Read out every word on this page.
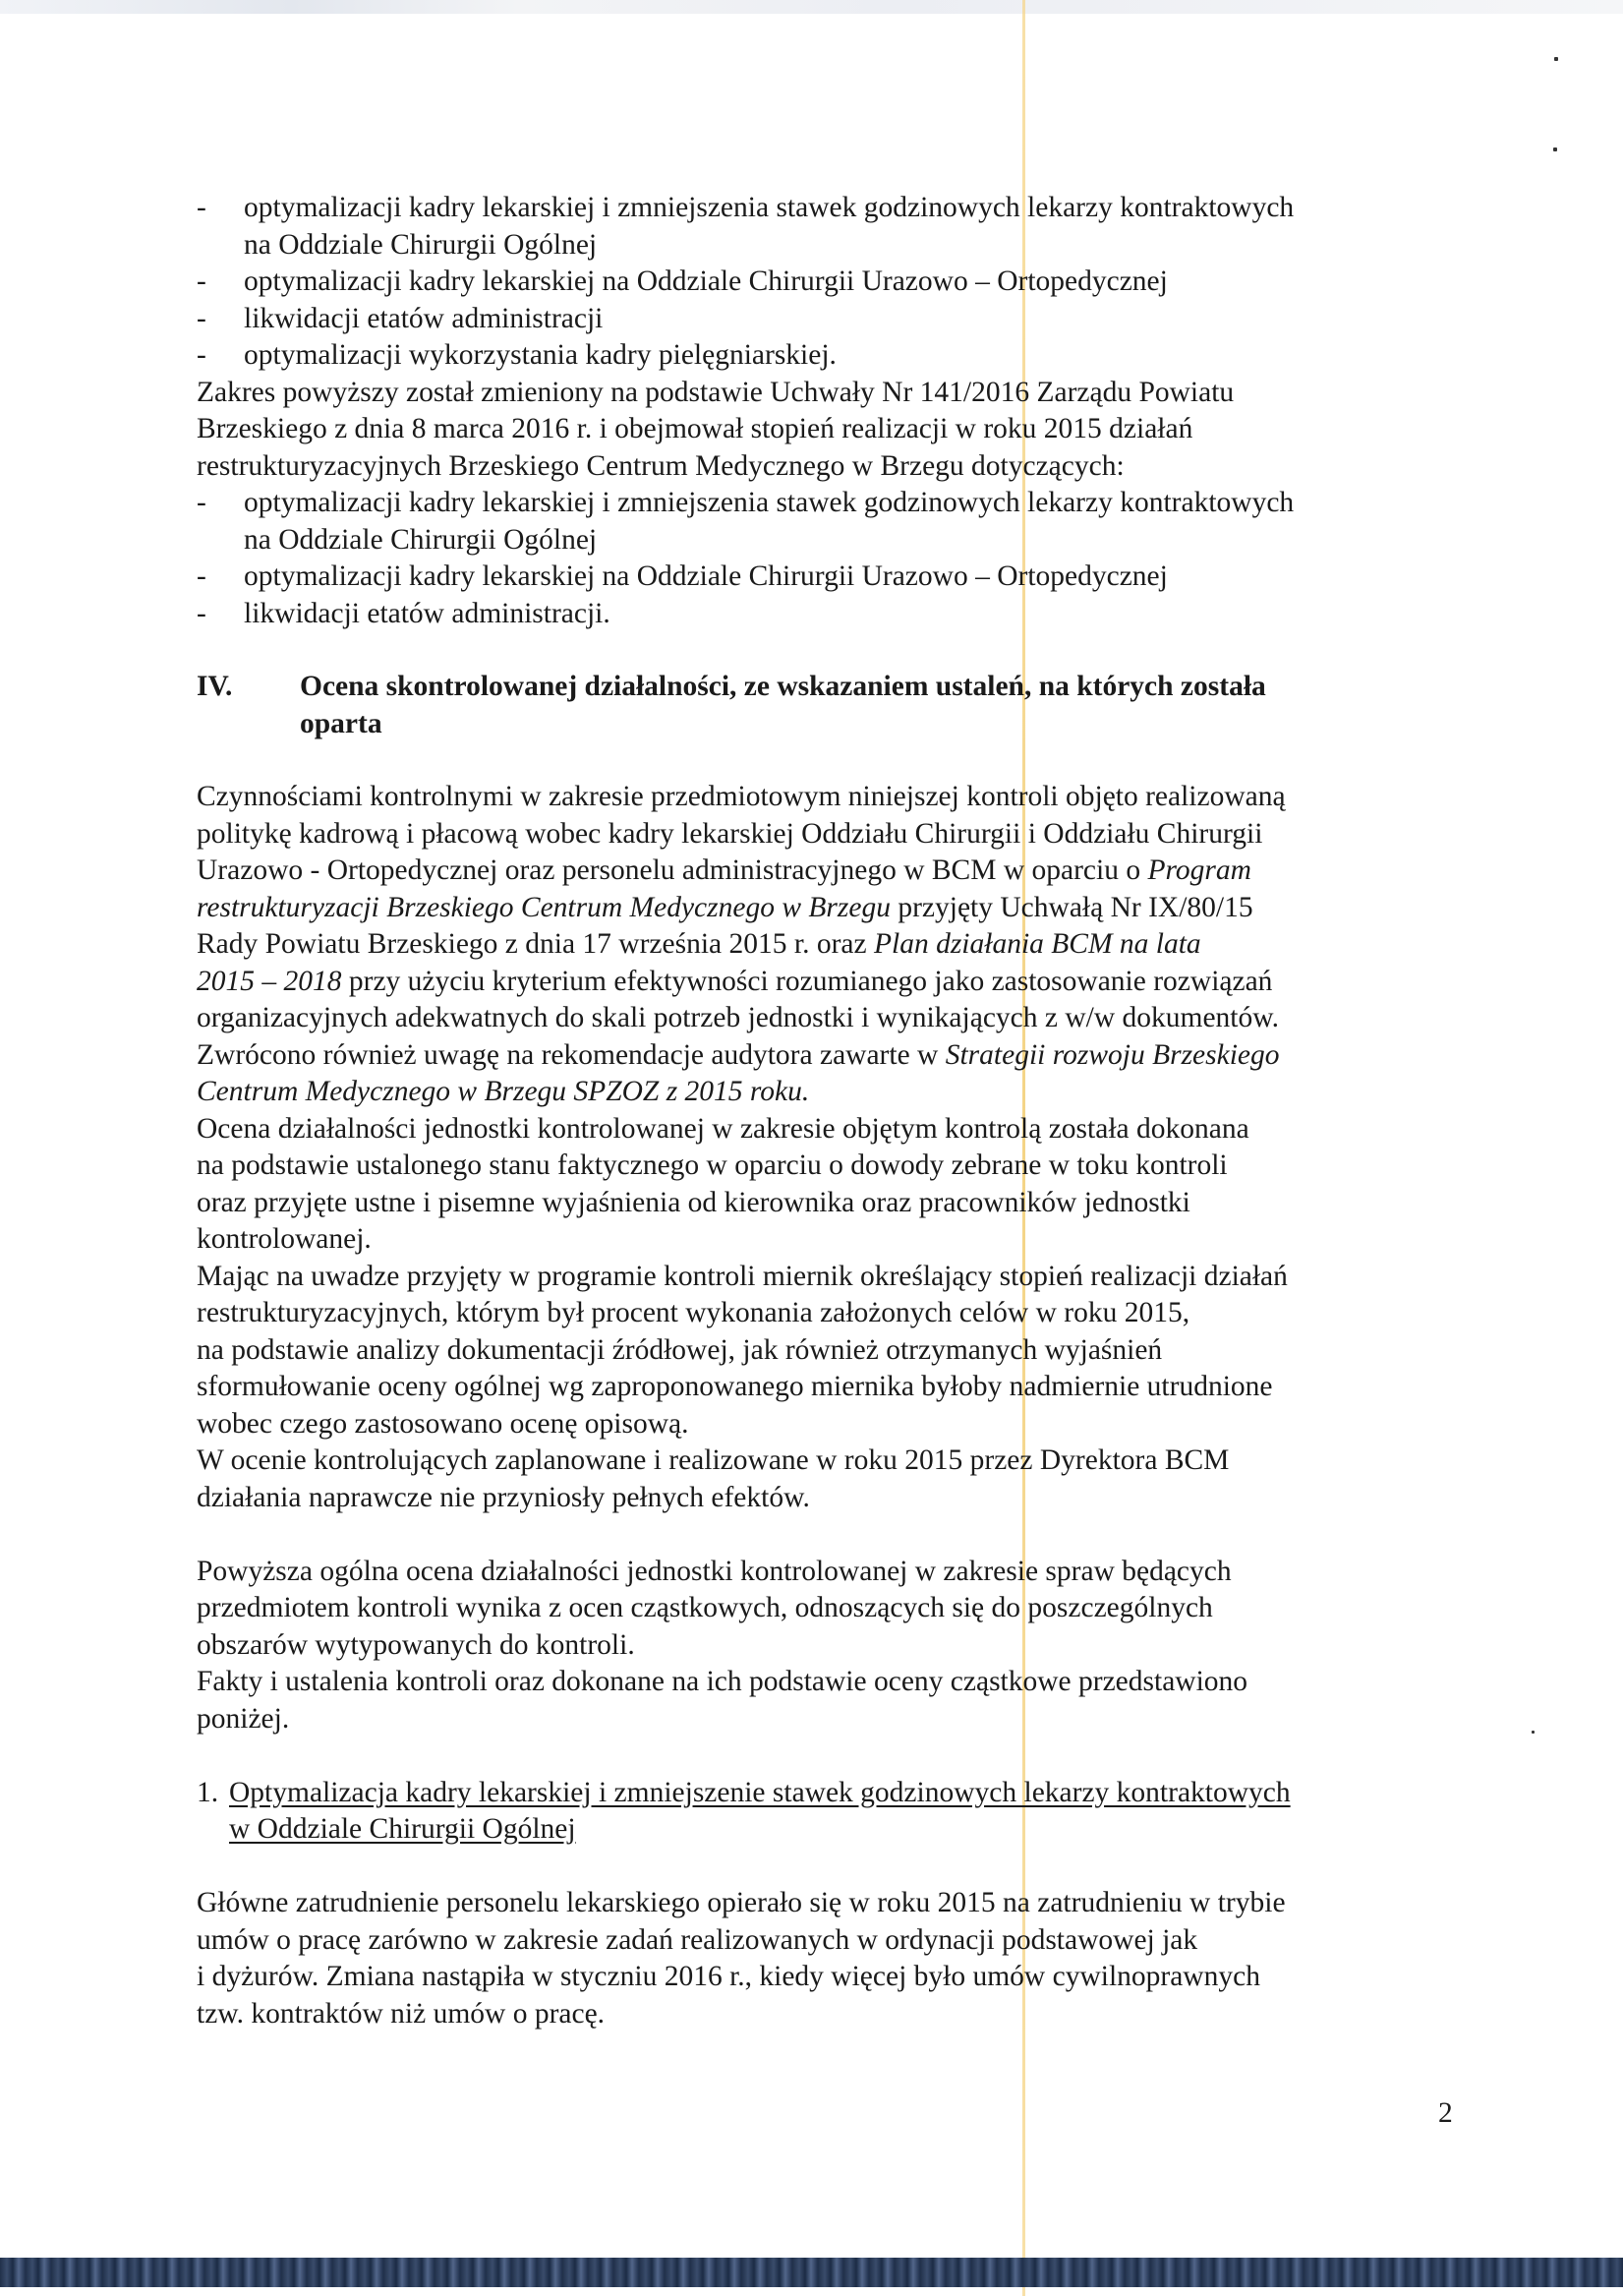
- optymalizacji kadry lekarskiej i zmniejszenia stawek godzinowych lekarzy kontraktowych
na Oddziale Chirurgii Ogólnej
- optymalizacji kadry lekarskiej na Oddziale Chirurgii Urazowo – Ortopedycznej
- likwidacji etatów administracji
- optymalizacji wykorzystania kadry pielęgniarskiej.
Zakres powyższy został zmieniony na podstawie Uchwały Nr 141/2016 Zarządu Powiatu
Brzeskiego z dnia 8 marca 2016 r. i obejmował stopień realizacji w roku 2015 działań
restrukturyzacyjnych Brzeskiego Centrum Medycznego w Brzegu dotyczących:
- optymalizacji kadry lekarskiej i zmniejszenia stawek godzinowych lekarzy kontraktowych
na Oddziale Chirurgii Ogólnej
- optymalizacji kadry lekarskiej na Oddziale Chirurgii Urazowo – Ortopedycznej
- likwidacji etatów administracji.
IV. Ocena skontrolowanej działalności, ze wskazaniem ustaleń, na których została
oparta
Czynnościami kontrolnymi w zakresie przedmiotowym niniejszej kontroli objęto realizowaną
politykę kadrową i płacową wobec kadry lekarskiej Oddziału Chirurgii i Oddziału Chirurgii
Urazowo - Ortopedycznej oraz personelu administracyjnego w BCM w oparciu o Program
restrukturyzacji Brzeskiego Centrum Medycznego w Brzegu przyjęty Uchwałą Nr IX/80/15
Rady Powiatu Brzeskiego z dnia 17 września 2015 r. oraz Plan działania BCM na lata
2015 – 2018 przy użyciu kryterium efektywności rozumianego jako zastosowanie rozwiązań
organizacyjnych adekwatnych do skali potrzeb jednostki i wynikających z w/w dokumentów.
Zwrócono również uwagę na rekomendacje audytora zawarte w Strategii rozwoju Brzeskiego
Centrum Medycznego w Brzegu SPZOZ z 2015 roku.
Ocena działalności jednostki kontrolowanej w zakresie objętym kontrolą została dokonana
na podstawie ustalonego stanu faktycznego w oparciu o dowody zebrane w toku kontroli
oraz przyjęte ustne i pisemne wyjaśnienia od kierownika oraz pracowników jednostki
kontrolowanej.
Mając na uwadze przyjęty w programie kontroli miernik określający stopień realizacji działań
restrukturyzacyjnych, którym był procent wykonania założonych celów w roku 2015,
na podstawie analizy dokumentacji źródłowej, jak również otrzymanych wyjaśnień
sformułowanie oceny ogólnej wg zaproponowanego miernika byłoby nadmiernie utrudnione
wobec czego zastosowano ocenę opisową.
W ocenie kontrolujących zaplanowane i realizowane w roku 2015 przez Dyrektora BCM
działania naprawcze nie przyniosły pełnych efektów.
Powyższa ogólna ocena działalności jednostki kontrolowanej w zakresie spraw będących
przedmiotem kontroli wynika z ocen cząstkowych, odnoszących się do poszczególnych
obszarów wytypowanych do kontroli.
Fakty i ustalenia kontroli oraz dokonane na ich podstawie oceny cząstkowe przedstawiono
poniżej.
1. Optymalizacja kadry lekarskiej i zmniejszenie stawek godzinowych lekarzy kontraktowych
w Oddziale Chirurgii Ogólnej
Główne zatrudnienie personelu lekarskiego opierało się w roku 2015 na zatrudnieniu w trybie
umów o pracę zarówno w zakresie zadań realizowanych w ordynacji podstawowej jak
i dyżurów. Zmiana nastąpiła w styczniu 2016 r., kiedy więcej było umów cywilnoprawnych
tzw. kontraktów niż umów o pracę.
2
